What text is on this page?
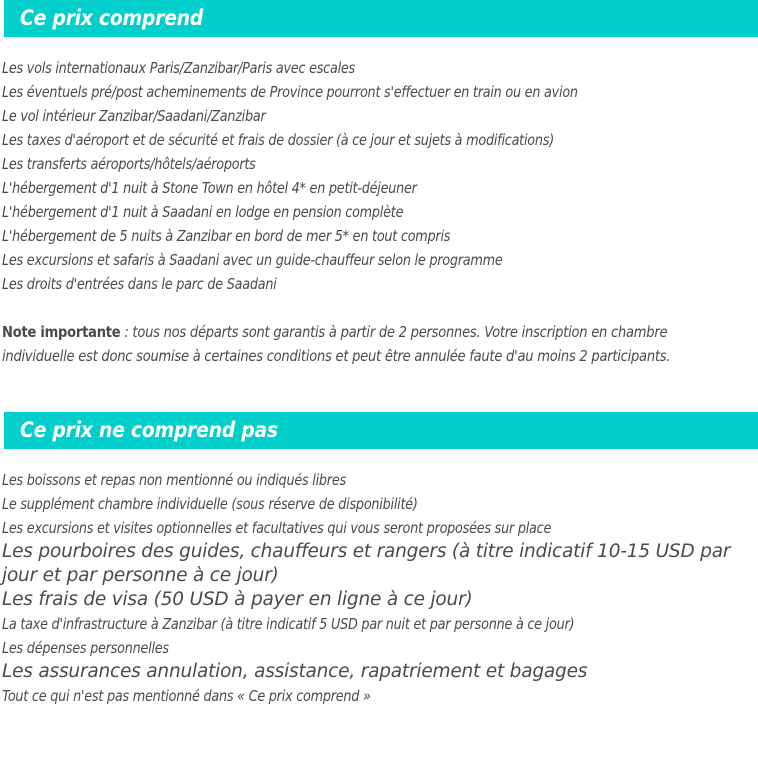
Ce prix comprend
Les vols internationaux Paris/Zanzibar/Paris avec escales
Les éventuels pré/post acheminements de Province pourront s'effectuer en train ou en avion
Le vol intérieur Zanzibar/Saadani/Zanzibar
Les taxes d'aéroport et de sécurité et frais de dossier (à ce jour et sujets à modifications)
Les transferts aéroports/hôtels/aéroports
L'hébergement d'1 nuit à Stone Town en hôtel 4* en petit-déjeuner
L'hébergement d'1 nuit à Saadani en lodge en pension complète
L'hébergement de 5 nuits à Zanzibar en bord de mer 5* en tout compris
Les excursions et safaris à Saadani avec un guide-chauffeur selon le programme
Les droits d'entrées dans le parc de Saadani
Note importante : tous nos départs sont garantis à partir de 2 personnes. Votre inscription en chambre individuelle est donc soumise à certaines conditions et peut être annulée faute d'au moins 2 participants.
Ce prix ne comprend pas
Les boissons et repas non mentionné ou indiqués libres
Le supplément chambre individuelle (sous réserve de disponibilité)
Les excursions et visites optionnelles et facultatives qui vous seront proposées sur place
Les pourboires des guides, chauffeurs et rangers (à titre indicatif 10-15 USD par jour et par personne à ce jour)
Les frais de visa (50 USD à payer en ligne à ce jour)
La taxe d'infrastructure à Zanzibar (à titre indicatif 5 USD par nuit et par personne à ce jour)
Les dépenses personnelles
Les assurances annulation, assistance, rapatriement et bagages
Tout ce qui n'est pas mentionné dans « Ce prix comprend »
